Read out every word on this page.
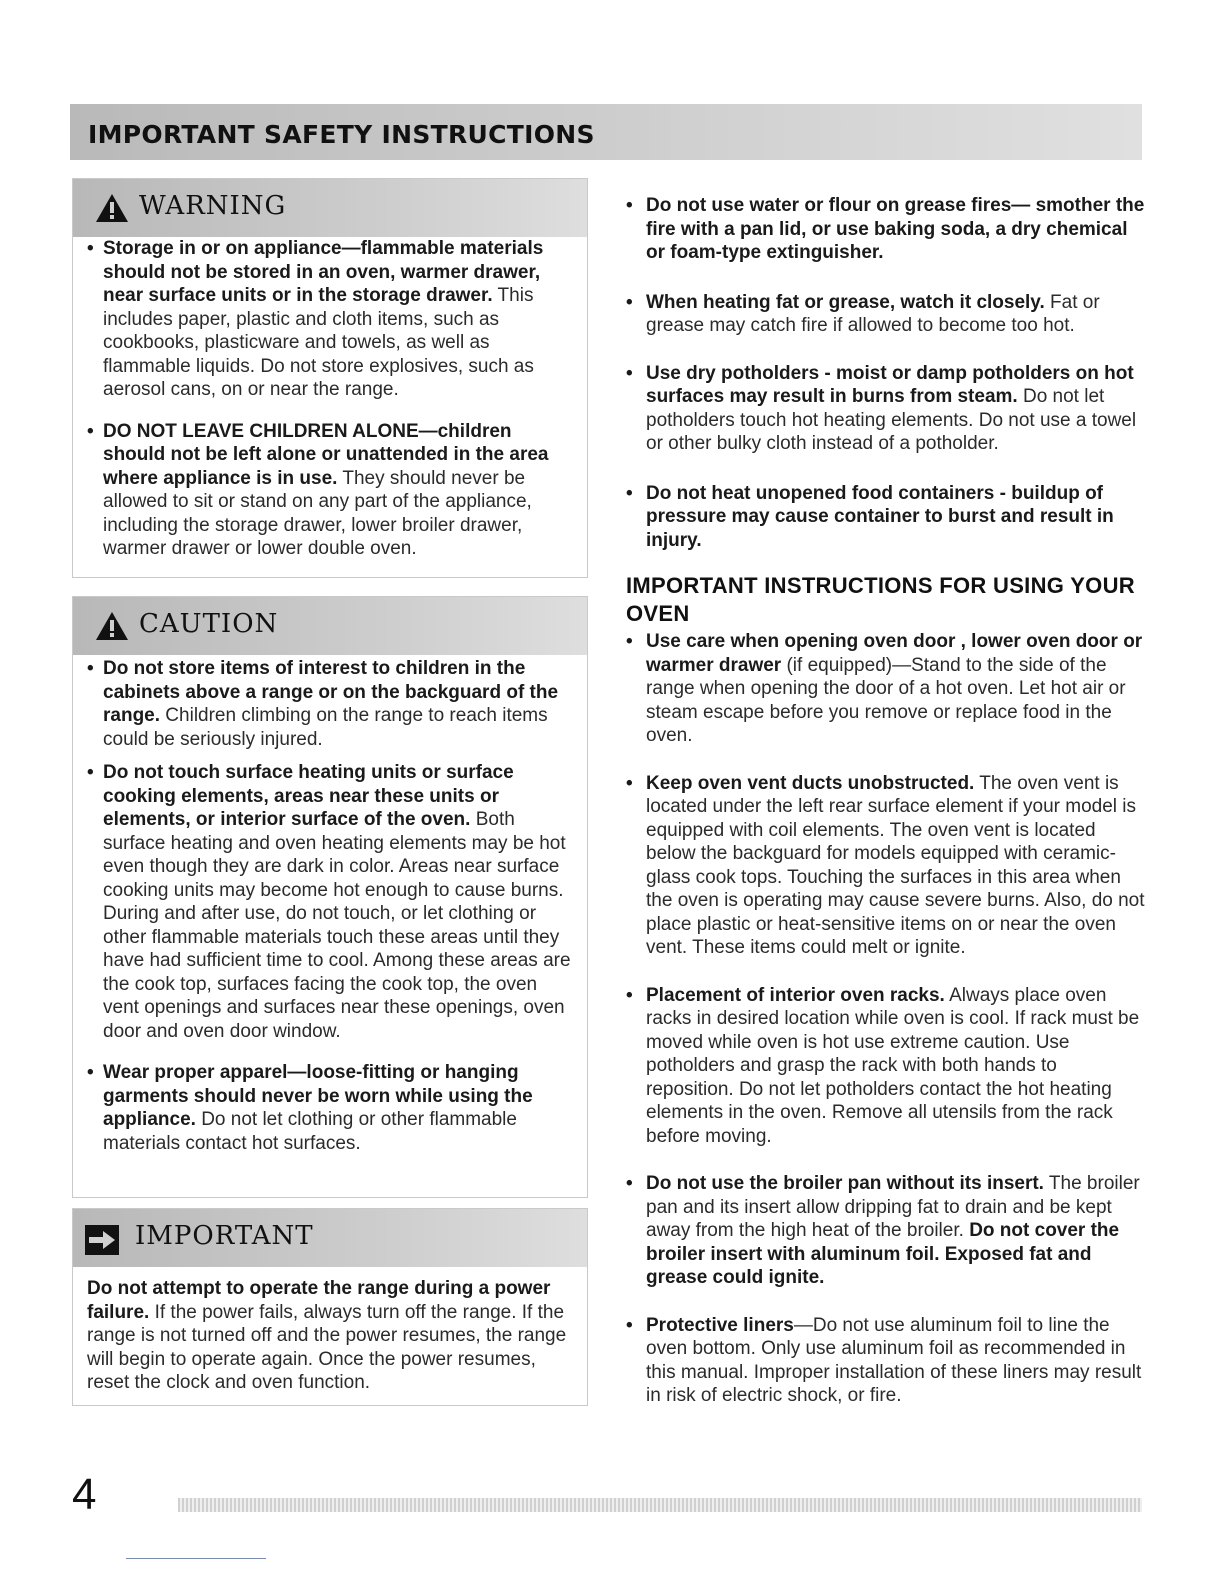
IMPORTANT SAFETY INSTRUCTIONS
WARNING
• Storage in or on appliance—flammable materials should not be stored in an oven, warmer drawer, near surface units or in the storage drawer. This includes paper, plastic and cloth items, such as cookbooks, plasticware and towels, as well as flammable liquids. Do not store explosives, such as aerosol cans, on or near the range.
• DO NOT LEAVE CHILDREN ALONE—children should not be left alone or unattended in the area where appliance is in use. They should never be allowed to sit or stand on any part of the appliance, including the storage drawer, lower broiler drawer, warmer drawer or lower double oven.
CAUTION
• Do not store items of interest to children in the cabinets above a range or on the backguard of the range. Children climbing on the range to reach items could be seriously injured.
• Do not touch surface heating units or surface cooking elements, areas near these units or elements, or interior surface of the oven. Both surface heating and oven heating elements may be hot even though they are dark in color. Areas near surface cooking units may become hot enough to cause burns. During and after use, do not touch, or let clothing or other flammable materials touch these areas until they have had sufficient time to cool. Among these areas are the cook top, surfaces facing the cook top, the oven vent openings and surfaces near these openings, oven door and oven door window.
• Wear proper apparel—loose-fitting or hanging garments should never be worn while using the appliance. Do not let clothing or other flammable materials contact hot surfaces.
IMPORTANT
Do not attempt to operate the range during a power failure. If the power fails, always turn off the range. If the range is not turned off and the power resumes, the range will begin to operate again. Once the power resumes, reset the clock and oven function.
• Do not use water or flour on grease fires— smother the fire with a pan lid, or use baking soda, a dry chemical or foam-type extinguisher.
• When heating fat or grease, watch it closely. Fat or grease may catch fire if allowed to become too hot.
• Use dry potholders - moist or damp potholders on hot surfaces may result in burns from steam. Do not let potholders touch hot heating elements. Do not use a towel or other bulky cloth instead of a potholder.
• Do not heat unopened food containers - buildup of pressure may cause container to burst and result in injury.
IMPORTANT INSTRUCTIONS FOR USING YOUR OVEN
• Use care when opening oven door , lower oven door or warmer drawer (if equipped)—Stand to the side of the range when opening the door of a hot oven. Let hot air or steam escape before you remove or replace food in the oven.
• Keep oven vent ducts unobstructed. The oven vent is located under the left rear surface element if your model is equipped with coil elements. The oven vent is located below the backguard for models equipped with ceramic-glass cook tops. Touching the surfaces in this area when the oven is operating may cause severe burns. Also, do not place plastic or heat-sensitive items on or near the oven vent. These items could melt or ignite.
• Placement of interior oven racks. Always place oven racks in desired location while oven is cool. If rack must be moved while oven is hot use extreme caution. Use potholders and grasp the rack with both hands to reposition. Do not let potholders contact the hot heating elements in the oven. Remove all utensils from the rack before moving.
• Do not use the broiler pan without its insert. The broiler pan and its insert allow dripping fat to drain and be kept away from the high heat of the broiler. Do not cover the broiler insert with aluminum foil. Exposed fat and grease could ignite.
• Protective liners—Do not use aluminum foil to line the oven bottom. Only use aluminum foil as recommended in this manual. Improper installation of these liners may result in risk of electric shock, or fire.
4
